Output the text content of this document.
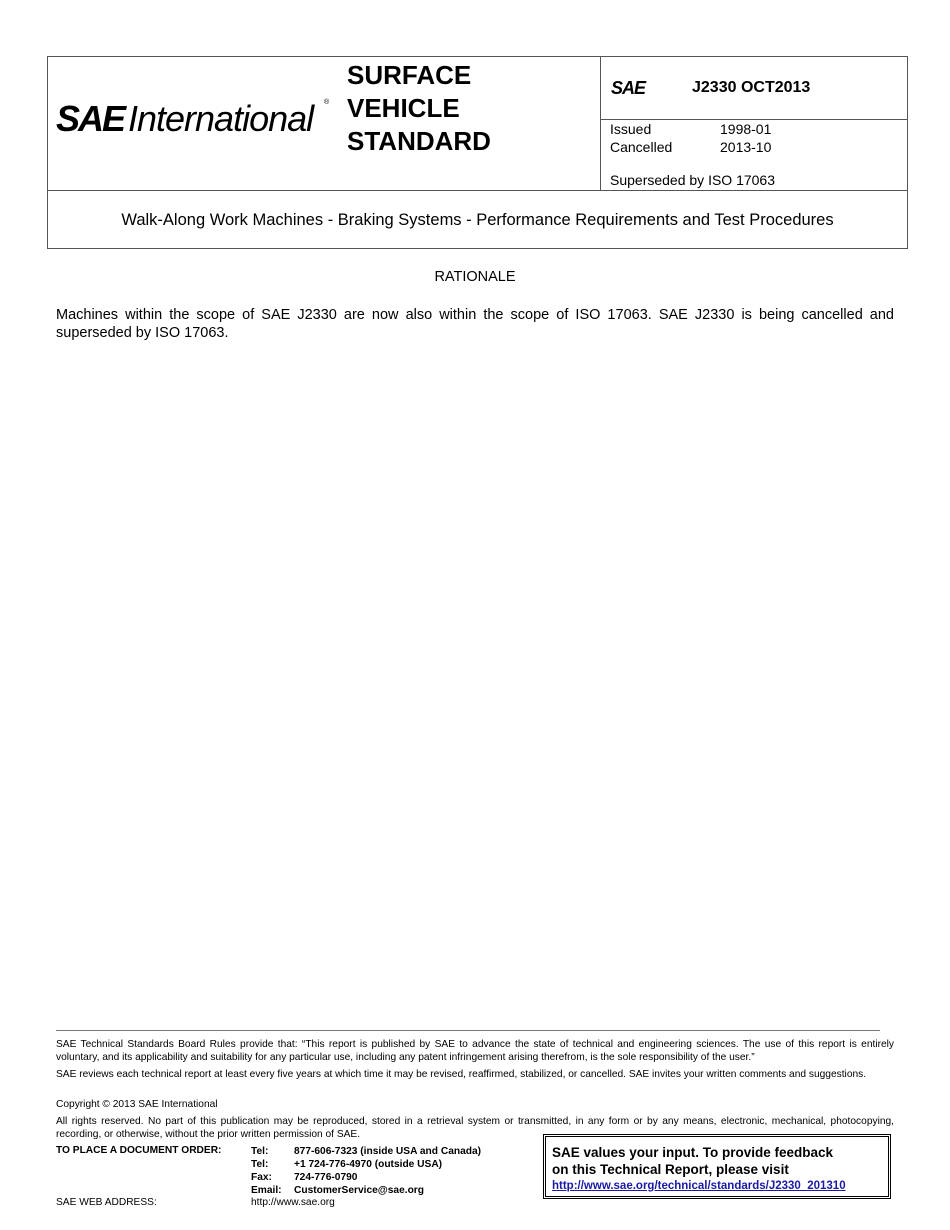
SAE International ®
SURFACE
VEHICLE
STANDARD
SAE	J2330 OCT2013
Issued	1998-01
Cancelled	2013-10
Superseded by ISO 17063
Walk-Along Work Machines - Braking Systems - Performance Requirements and Test Procedures
RATIONALE
Machines within the scope of SAE J2330 are now also within the scope of ISO 17063. SAE J2330 is being cancelled and superseded by ISO 17063.
SAE Technical Standards Board Rules provide that: “This report is published by SAE to advance the state of technical and engineering sciences. The use of this report is entirely voluntary, and its applicability and suitability for any particular use, including any patent infringement arising therefrom, is the sole responsibility of the user.”
SAE reviews each technical report at least every five years at which time it may be revised, reaffirmed, stabilized, or cancelled. SAE invites your written comments and suggestions.
Copyright © 2013 SAE International
All rights reserved. No part of this publication may be reproduced, stored in a retrieval system or transmitted, in any form or by any means, electronic, mechanical, photocopying, recording, or otherwise, without the prior written permission of SAE.
TO PLACE A DOCUMENT ORDER:	Tel:	877-606-7323 (inside USA and Canada)
Tel:	+1 724-776-4970 (outside USA)
Fax: 724-776-0790
Email: CustomerService@sae.org
SAE WEB ADDRESS:	http://www.sae.org
SAE values your input. To provide feedback
on this Technical Report, please visit
http://www.sae.org/technical/standards/J2330_201310
